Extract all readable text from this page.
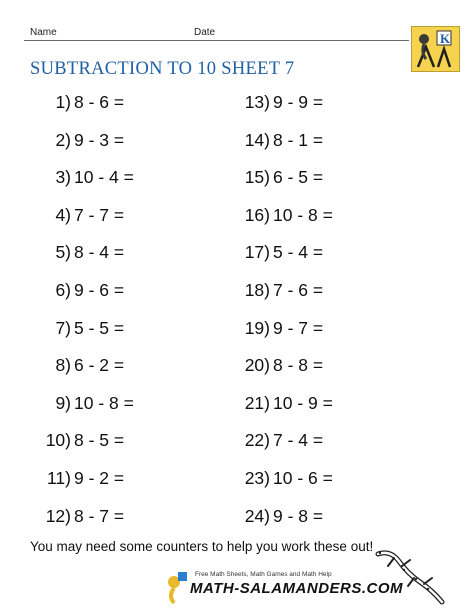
Name	Date	K
SUBTRACTION TO 10 SHEET 7
1) 8 - 6 =
2) 9 - 3 =
3) 10 - 4 =
4) 7 - 7 =
5) 8 - 4 =
6) 9 - 6 =
7) 5 - 5 =
8) 6 - 2 =
9) 10 - 8 =
10) 8 - 5 =
11) 9 - 2 =
12) 8 - 7 =
13) 9 - 9 =
14) 8 - 1 =
15) 6 - 5 =
16) 10 - 8 =
17) 5 - 4 =
18) 7 - 6 =
19) 9 - 7 =
20) 8 - 8 =
21) 10 - 9 =
22) 7 - 4 =
23) 10 - 6 =
24) 9 - 8 =
You may need some counters to help you work these out!
Free Math Sheets, Math Games and Math Help
MATH-SALAMANDERS.COM
